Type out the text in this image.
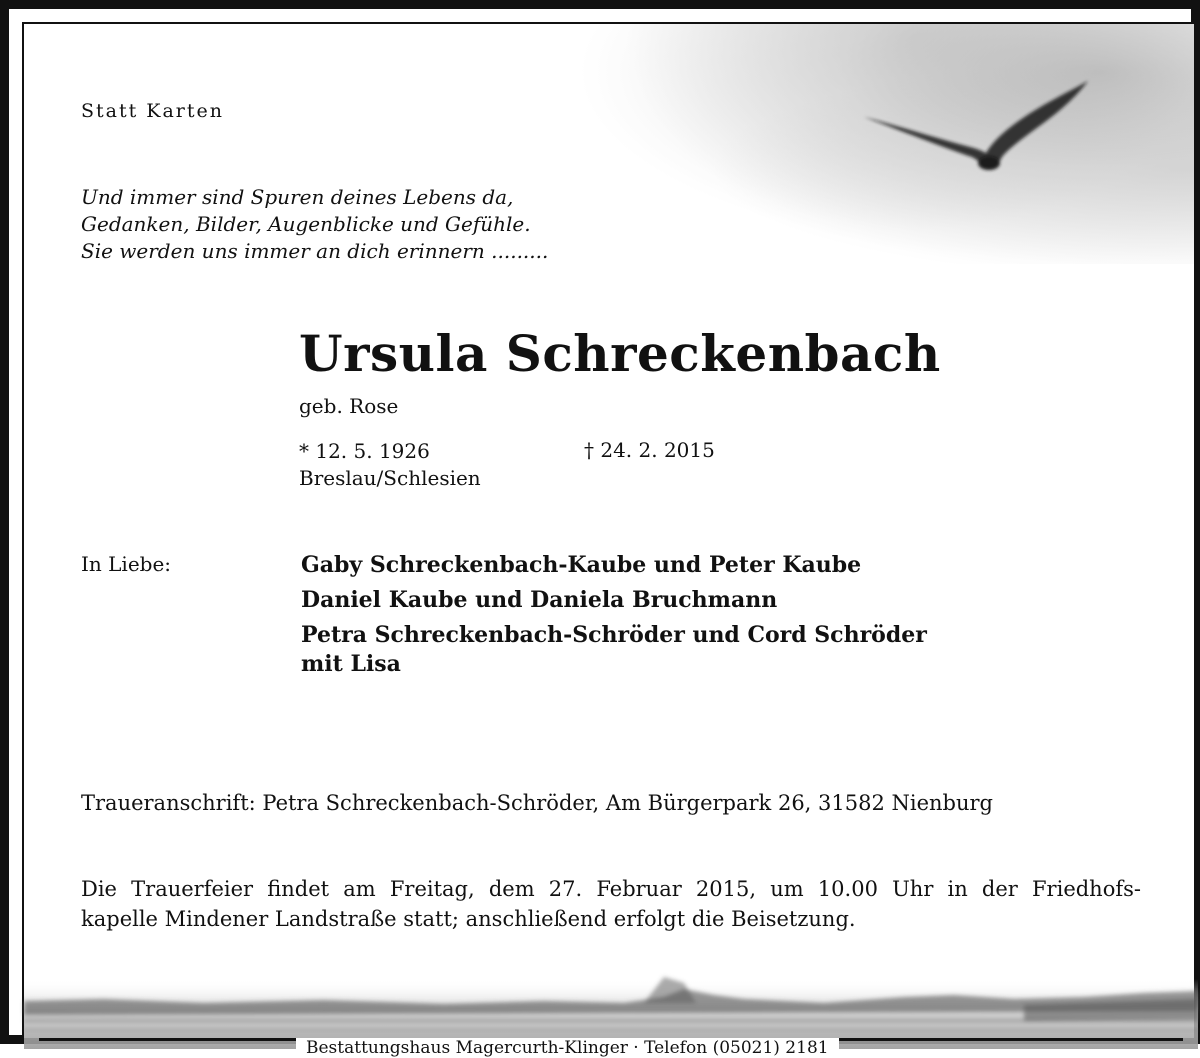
Statt Karten

Und immer sind Spuren deines Lebens da,
Gedanken, Bilder, Augenblicke und Gefühle.
Sie werden uns immer an dich erinnern .........
Ursula Schreckenbach

geb. Rose

* 12. 5. 1926
Breslau/Schlesien

† 24. 2. 2015

In Liebe:	Gaby Schreckenbach-Kaube und Peter Kaube
Daniel Kaube und Daniela Bruchmann
Petra Schreckenbach-Schröder und Cord Schröder
mit Lisa

Traueranschrift: Petra Schreckenbach-Schröder, Am Bürgerpark 26, 31582 Nienburg

Die Trauerfeier findet am Freitag, dem 27. Februar 2015, um 10.00 Uhr in der Friedhofs-
kapelle Mindener Landstraße statt; anschließend erfolgt die Beisetzung.

Bestattungshaus Magercurth-Klinger · Telefon (05021) 2181
